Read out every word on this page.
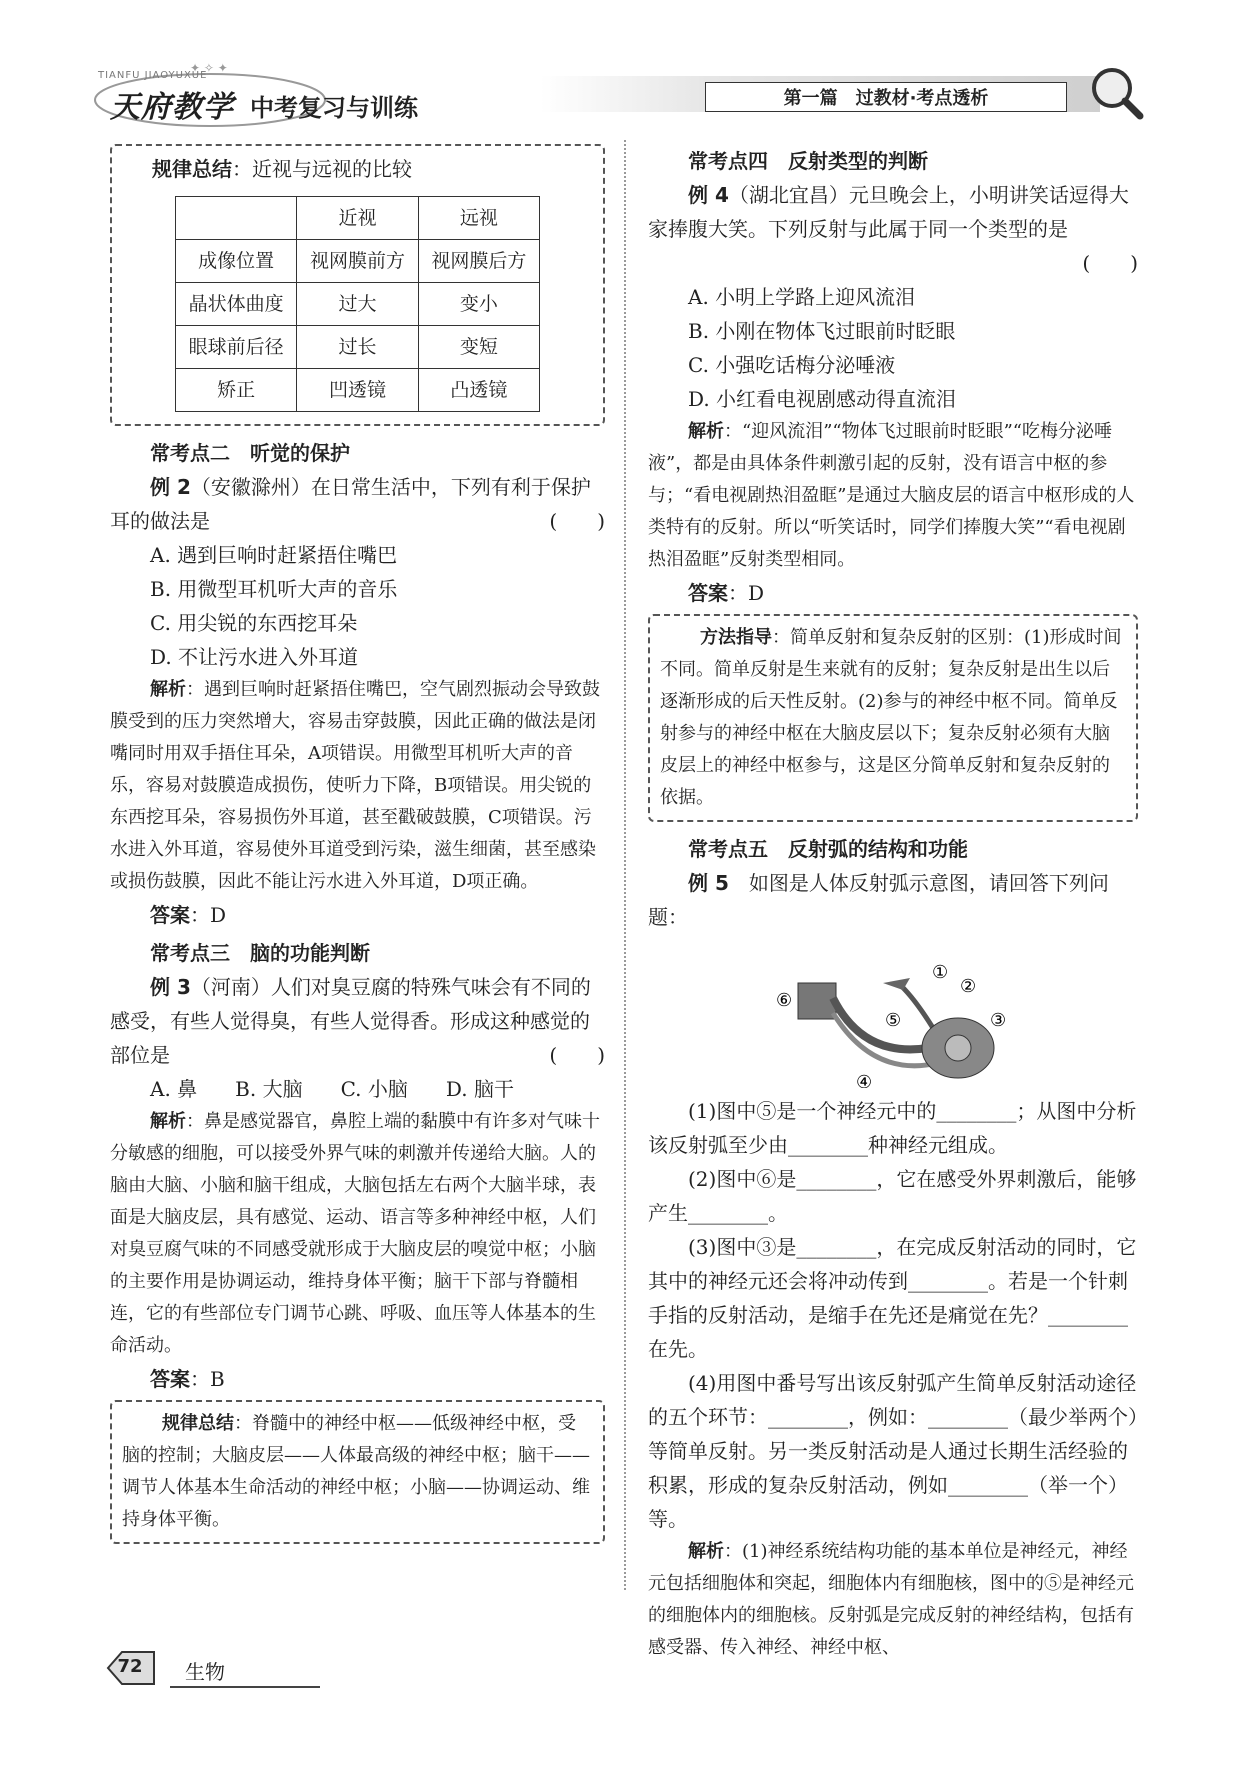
✦ ✧ ✦
TIANFU JIAOYUXUE
天府教学 中考复习与训练	第一篇　过教材·考点透析

规律总结：近视与远视的比较

	近视	远视
成像位置	视网膜前方	视网膜后方
晶状体曲度	过大	变小
眼球前后径	过长	变短
矫正	凹透镜	凸透镜

常考点二　听觉的保护

例 2（安徽滁州）在日常生活中，下列有利于保护耳的做法是	(　　)

A. 遇到巨响时赶紧捂住嘴巴

B. 用微型耳机听大声的音乐

C. 用尖锐的东西挖耳朵

D. 不让污水进入外耳道

解析：遇到巨响时赶紧捂住嘴巴，空气剧烈振动会导致鼓膜受到的压力突然增大，容易击穿鼓膜，因此正确的做法是闭嘴同时用双手捂住耳朵，A项错误。用微型耳机听大声的音乐，容易对鼓膜造成损伤，使听力下降，B项错误。用尖锐的东西挖耳朵，容易损伤外耳道，甚至戳破鼓膜，C项错误。污水进入外耳道，容易使外耳道受到污染，滋生细菌，甚至感染或损伤鼓膜，因此不能让污水进入外耳道，D项正确。

答案：D

常考点三　脑的功能判断

例 3（河南）人们对臭豆腐的特殊气味会有不同的感受，有些人觉得臭，有些人觉得香。形成这种感觉的部位是	(　　)

A. 鼻 B. 大脑 C. 小脑 D. 脑干

解析：鼻是感觉器官，鼻腔上端的黏膜中有许多对气味十分敏感的细胞，可以接受外界气味的刺激并传递给大脑。人的脑由大脑、小脑和脑干组成，大脑包括左右两个大脑半球，表面是大脑皮层，具有感觉、运动、语言等多种神经中枢，人们对臭豆腐气味的不同感受就形成于大脑皮层的嗅觉中枢；小脑的主要作用是协调运动，维持身体平衡；脑干下部与脊髓相连，它的有些部位专门调节心跳、呼吸、血压等人体基本的生命活动。

答案：B

规律总结：脊髓中的神经中枢——低级神经中枢，受脑的控制；大脑皮层——人体最高级的神经中枢；脑干——调节人体基本生命活动的神经中枢；小脑——协调运动、维持身体平衡。

常考点四　反射类型的判断

例 4（湖北宜昌）元旦晚会上，小明讲笑话逗得大家捧腹大笑。下列反射与此属于同一个类型的是

(　　)

A. 小明上学路上迎风流泪

B. 小刚在物体飞过眼前时眨眼

C. 小强吃话梅分泌唾液

D. 小红看电视剧感动得直流泪

解析：“迎风流泪”“物体飞过眼前时眨眼”“吃梅分泌唾液”，都是由具体条件刺激引起的反射，没有语言中枢的参与；“看电视剧热泪盈眶”是通过大脑皮层的语言中枢形成的人类特有的反射。所以“听笑话时，同学们捧腹大笑”“看电视剧热泪盈眶”反射类型相同。

答案：D

方法指导：简单反射和复杂反射的区别：(1)形成时间不同。简单反射是生来就有的反射；复杂反射是出生以后逐渐形成的后天性反射。(2)参与的神经中枢不同。简单反射参与的神经中枢在大脑皮层以下；复杂反射必须有大脑皮层上的神经中枢参与，这是区分简单反射和复杂反射的依据。

常考点五　反射弧的结构和功能

例 5　 如图是人体反射弧示意图，请回答下列问题：

①
②
③
④
⑤
⑥

(1)图中⑤是一个神经元中的________；从图中分析该反射弧至少由________种神经元组成。

(2)图中⑥是________，它在感受外界刺激后，能够产生________。

(3)图中③是________，在完成反射活动的同时，它其中的神经元还会将冲动传到________。若是一个针刺手指的反射活动，是缩手在先还是痛觉在先？________在先。

(4)用图中番号写出该反射弧产生简单反射活动途径的五个环节：________，例如：________（最少举两个）等简单反射。另一类反射活动是人通过长期生活经验的积累，形成的复杂反射活动，例如________（举一个）等。

解析：(1)神经系统结构功能的基本单位是神经元，神经元包括细胞体和突起，细胞体内有细胞核，图中的⑤是神经元的细胞体内的细胞核。反射弧是完成反射的神经结构，包括有感受器、传入神经、神经中枢、

72	生物
